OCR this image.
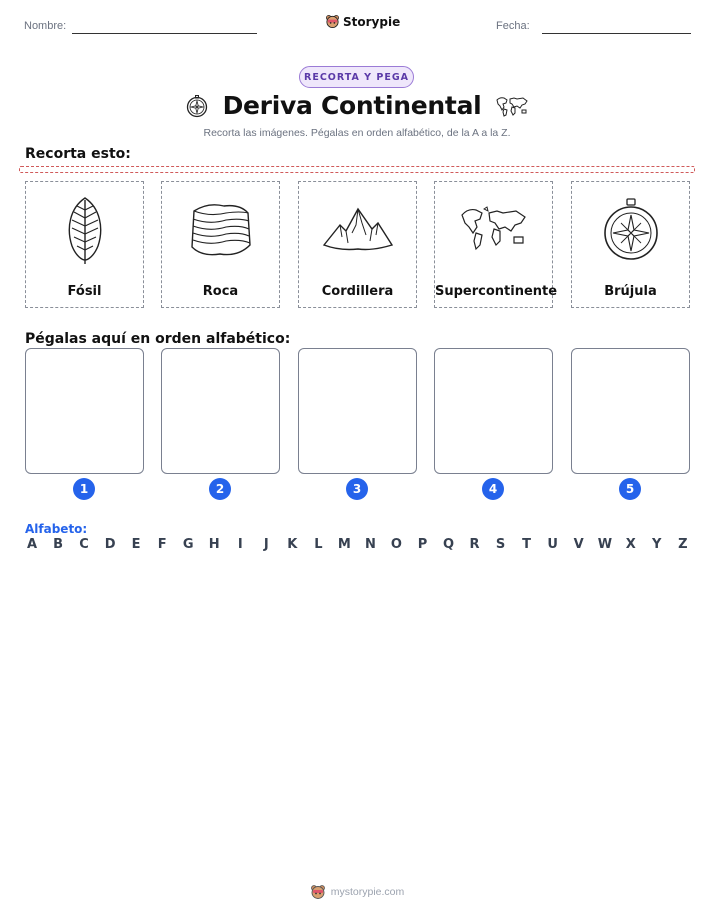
Nombre:	Storypie	Fecha:
RECORTA Y PEGA
Deriva Continental
Recorta las imágenes. Pégalas en orden alfabético, de la A a la Z.
Recorta esto:
Fósil	Roca	Cordillera	Supercontinente	Brújula
Pégalas aquí en orden alfabético:
1	2	3	4	5
Alfabeto:
A B C D E F G H	I	J	K L M N O P Q R S T U V W X Y Z
mystorypie.com
